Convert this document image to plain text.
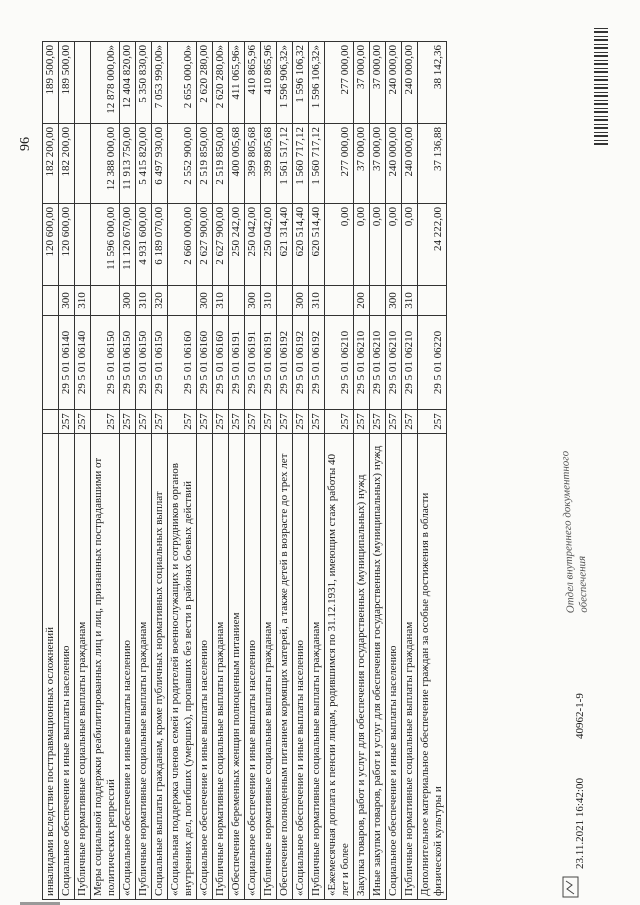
96
инвалидами вследствие посттравмационных осложнений				120 600,00	182 200,00	189 500,00
Социальное обеспечение и иные выплаты населению	257	29 5 01 06140	300	120 600,00	182 200,00	189 500,00
Публичные нормативные социальные выплаты гражданам	257	29 5 01 06140	310			
Меры социальной поддержки реабилитированных лиц и лиц, признанных пострадавшими от политических репрессий	257	29 5 01 06150		11 596 000,00	12 388 000,00	12 878 000,00»
«Социальное обеспечение и иные выплаты населению	257	29 5 01 06150	300	11 120 670,00	11 913 750,00	12 404 820,00
Публичные нормативные социальные выплаты гражданам	257	29 5 01 06150	310	4 931 600,00	5 415 820,00	5 350 830,00
Социальные выплаты гражданам, кроме публичных нормативных социальных выплат	257	29 5 01 06150	320	6 189 070,00	6 497 930,00	7 053 990,00»
«Социальная поддержка членов семей и родителей военнослужащих и сотрудников органов внутренних дел, погибших (умерших), пропавших без вести в районах боевых действий	257	29 5 01 06160		2 660 000,00	2 552 900,00	2 655 000,00»
«Социальное обеспечение и иные выплаты населению	257	29 5 01 06160	300	2 627 900,00	2 519 850,00	2 620 280,00
Публичные нормативные социальные выплаты гражданам	257	29 5 01 06160	310	2 627 900,00	2 519 850,00	2 620 280,00»
«Обеспечение беременных женщин полноценным питанием	257	29 5 01 06191		250 242,00	400 005,68	411 065,96»
«Социальное обеспечение и иные выплаты населению	257	29 5 01 06191	300	250 042,00	399 805,68	410 865,96
Публичные нормативные социальные выплаты гражданам	257	29 5 01 06191	310	250 042,00	399 805,68	410 865,96
Обеспечение полноценным питанием кормящих матерей, а также детей в возрасте до трех лет	257	29 5 01 06192		621 314,40	1 561 517,12	1 596 906,32»
«Социальное обеспечение и иные выплаты населению	257	29 5 01 06192	300	620 514,40	1 560 717,12	1 596 106,32
Публичные нормативные социальные выплаты гражданам	257	29 5 01 06192	310	620 514,40	1 560 717,12	1 596 106,32»
«Ежемесячная доплата к пенсии лицам, родившимся по 31.12.1931, имеющим стаж работы 40 лет и более	257	29 5 01 06210		0,00	277 000,00	277 000,00
Закупка товаров, работ и услуг для обеспечения государственных (муниципальных) нужд	257	29 5 01 06210	200	0,00	37 000,00	37 000,00
Иные закупки товаров, работ и услуг для обеспечения государственных (муниципальных) нужд	257	29 5 01 06210		0,00	37 000,00	37 000,00
Социальное обеспечение и иные выплаты населению	257	29 5 01 06210	300	0,00	240 000,00	240 000,00
Публичные нормативные социальные выплаты гражданам	257	29 5 01 06210	310	0,00	240 000,00	240 000,00
Дополнительное материальное обеспечение граждан за особые достижения в области физической культуры и	257	29 5 01 06220		24 222,00	37 136,88	38 142,36
23.11.2021 16:42:00
40962-1-9
Отдел внутреннего документного обеспечения
